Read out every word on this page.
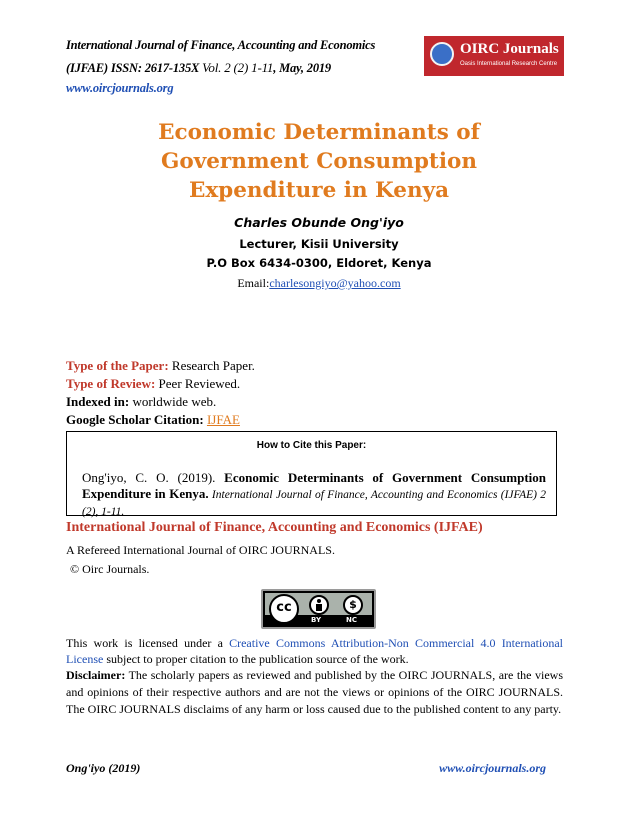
International Journal of Finance, Accounting and Economics
(IJFAE) ISSN: 2617-135X Vol. 2 (2) 1-11, May, 2019
www.oircjournals.org
OIRC Journals
Oasis International Research Centre
Economic Determinants of
Government Consumption
Expenditure in Kenya
Charles Obunde Ong'iyo
Lecturer, Kisii University
P.O Box 6434-0300, Eldoret, Kenya
Email:charlesongiyo@yahoo.com
Type of the Paper: Research Paper.
Type of Review: Peer Reviewed.
Indexed in: worldwide web.
Google Scholar Citation: IJFAE
How to Cite this Paper:
Ong'iyo, C. O. (2019). Economic Determinants of Government Consumption Expenditure in Kenya. International Journal of Finance, Accounting and Economics (IJFAE) 2 (2), 1-11.
International Journal of Finance, Accounting and Economics (IJFAE)
A Refereed International Journal of OIRC JOURNALS.
© Oirc Journals.
cc	$
BY	NC
This work is licensed under a Creative Commons Attribution-Non Commercial 4.0 International License subject to proper citation to the publication source of the work.
Disclaimer: The scholarly papers as reviewed and published by the OIRC JOURNALS, are the views and opinions of their respective authors and are not the views or opinions of the OIRC JOURNALS. The OIRC JOURNALS disclaims of any harm or loss caused due to the published content to any party.
Ong'iyo (2019)	www.oircjournals.org
